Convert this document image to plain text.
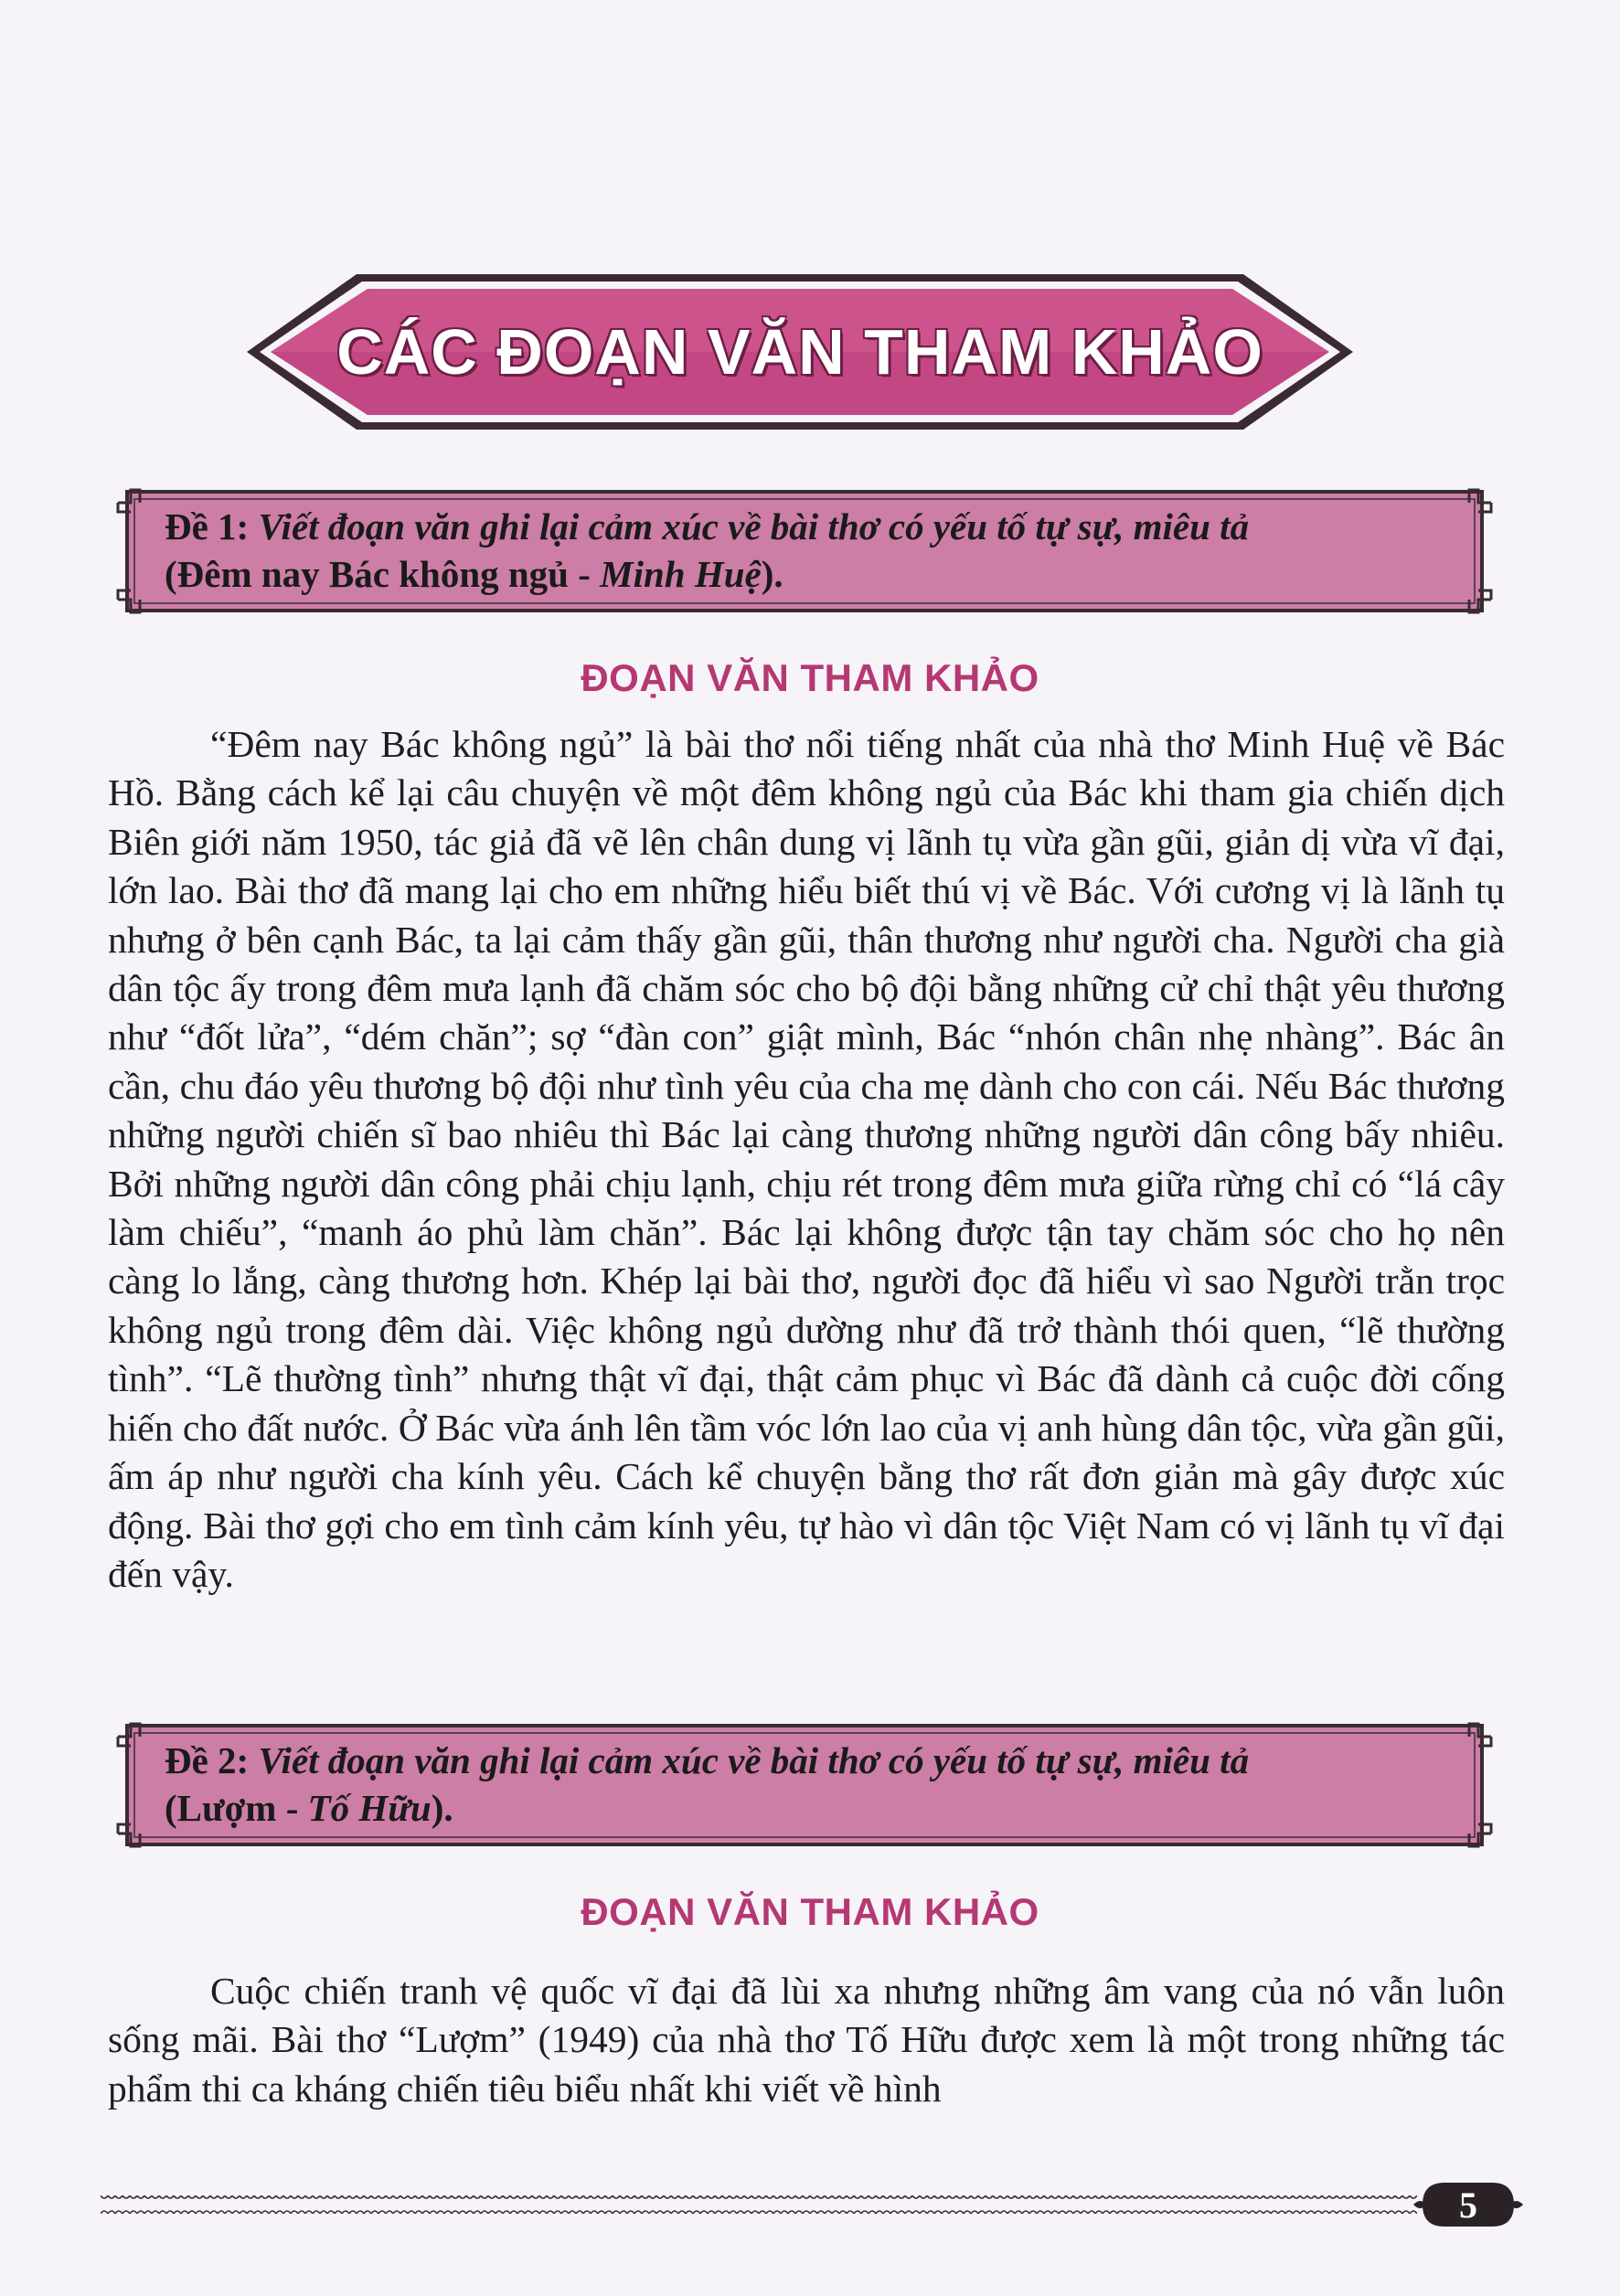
CÁC ĐOẠN VĂN THAM KHẢO
Đề 1: Viết đoạn văn ghi lại cảm xúc về bài thơ có yếu tố tự sự, miêu tả
(Đêm nay Bác không ngủ - Minh Huệ).
ĐOẠN VĂN THAM KHẢO
“Đêm nay Bác không ngủ” là bài thơ nổi tiếng nhất của nhà thơ Minh Huệ về Bác Hồ. Bằng cách kể lại câu chuyện về một đêm không ngủ của Bác khi tham gia chiến dịch Biên giới năm 1950, tác giả đã vẽ lên chân dung vị lãnh tụ vừa gần gũi, giản dị vừa vĩ đại, lớn lao. Bài thơ đã mang lại cho em những hiểu biết thú vị về Bác. Với cương vị là lãnh tụ nhưng ở bên cạnh Bác, ta lại cảm thấy gần gũi, thân thương như người cha. Người cha già dân tộc ấy trong đêm mưa lạnh đã chăm sóc cho bộ đội bằng những cử chỉ thật yêu thương như “đốt lửa”, “dém chăn”; sợ “đàn con” giật mình, Bác “nhón chân nhẹ nhàng”. Bác ân cần, chu đáo yêu thương bộ đội như tình yêu của cha mẹ dành cho con cái. Nếu Bác thương những người chiến sĩ bao nhiêu thì Bác lại càng thương những người dân công bấy nhiêu. Bởi những người dân công phải chịu lạnh, chịu rét trong đêm mưa giữa rừng chỉ có “lá cây làm chiếu”, “manh áo phủ làm chăn”. Bác lại không được tận tay chăm sóc cho họ nên càng lo lắng, càng thương hơn. Khép lại bài thơ, người đọc đã hiểu vì sao Người trằn trọc không ngủ trong đêm dài. Việc không ngủ dường như đã trở thành thói quen, “lẽ thường tình”. “Lẽ thường tình” nhưng thật vĩ đại, thật cảm phục vì Bác đã dành cả cuộc đời cống hiến cho đất nước. Ở Bác vừa ánh lên tầm vóc lớn lao của vị anh hùng dân tộc, vừa gần gũi, ấm áp như người cha kính yêu. Cách kể chuyện bằng thơ rất đơn giản mà gây được xúc động. Bài thơ gợi cho em tình cảm kính yêu, tự hào vì dân tộc Việt Nam có vị lãnh tụ vĩ đại đến vậy.
Đề 2: Viết đoạn văn ghi lại cảm xúc về bài thơ có yếu tố tự sự, miêu tả
(Lượm - Tố Hữu).
ĐOẠN VĂN THAM KHẢO
Cuộc chiến tranh vệ quốc vĩ đại đã lùi xa nhưng những âm vang của nó vẫn luôn sống mãi. Bài thơ “Lượm” (1949) của nhà thơ Tố Hữu được xem là một trong những tác phẩm thi ca kháng chiến tiêu biểu nhất khi viết về hình
5
